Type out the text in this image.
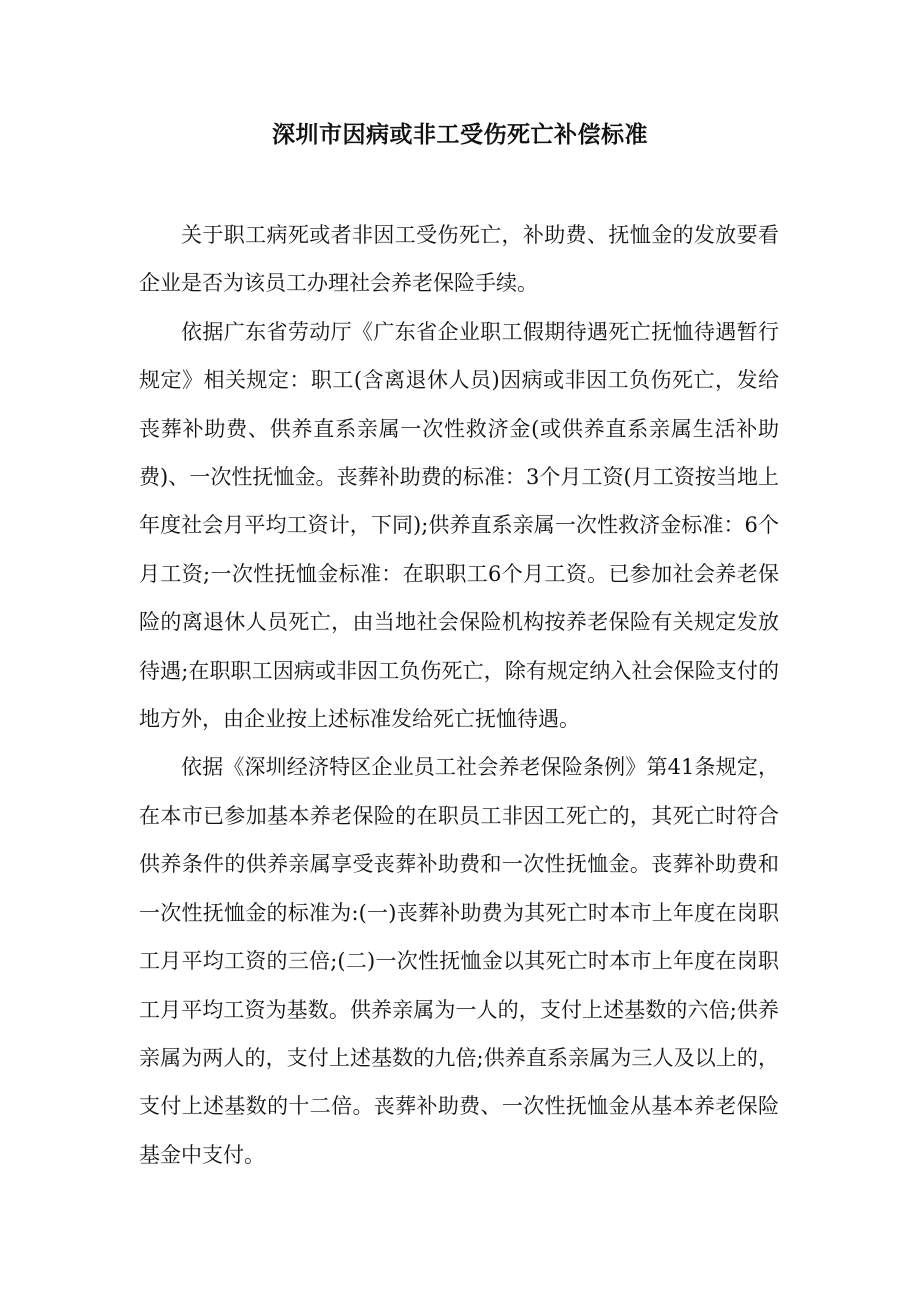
深圳市因病或非工受伤死亡补偿标准

关于职工病死或者非因工受伤死亡，补助费、抚恤金的发放要看企业是否为该员工办理社会养老保险手续。

依据广东省劳动厅《广东省企业职工假期待遇死亡抚恤待遇暂行规定》相关规定：职工(含离退休人员)因病或非因工负伤死亡，发给丧葬补助费、供养直系亲属一次性救济金(或供养直系亲属生活补助费)、一次性抚恤金。丧葬补助费的标准：3个月工资(月工资按当地上年度社会月平均工资计，下同);供养直系亲属一次性救济金标准：6个月工资;一次性抚恤金标准：在职职工6个月工资。已参加社会养老保险的离退休人员死亡，由当地社会保险机构按养老保险有关规定发放待遇;在职职工因病或非因工负伤死亡，除有规定纳入社会保险支付的地方外，由企业按上述标准发给死亡抚恤待遇。

依据《深圳经济特区企业员工社会养老保险条例》第41条规定，在本市已参加基本养老保险的在职员工非因工死亡的，其死亡时符合供养条件的供养亲属享受丧葬补助费和一次性抚恤金。丧葬补助费和一次性抚恤金的标准为:(一)丧葬补助费为其死亡时本市上年度在岗职工月平均工资的三倍;(二)一次性抚恤金以其死亡时本市上年度在岗职工月平均工资为基数。供养亲属为一人的，支付上述基数的六倍;供养亲属为两人的，支付上述基数的九倍;供养直系亲属为三人及以上的，支付上述基数的十二倍。丧葬补助费、一次性抚恤金从基本养老保险基金中支付。
